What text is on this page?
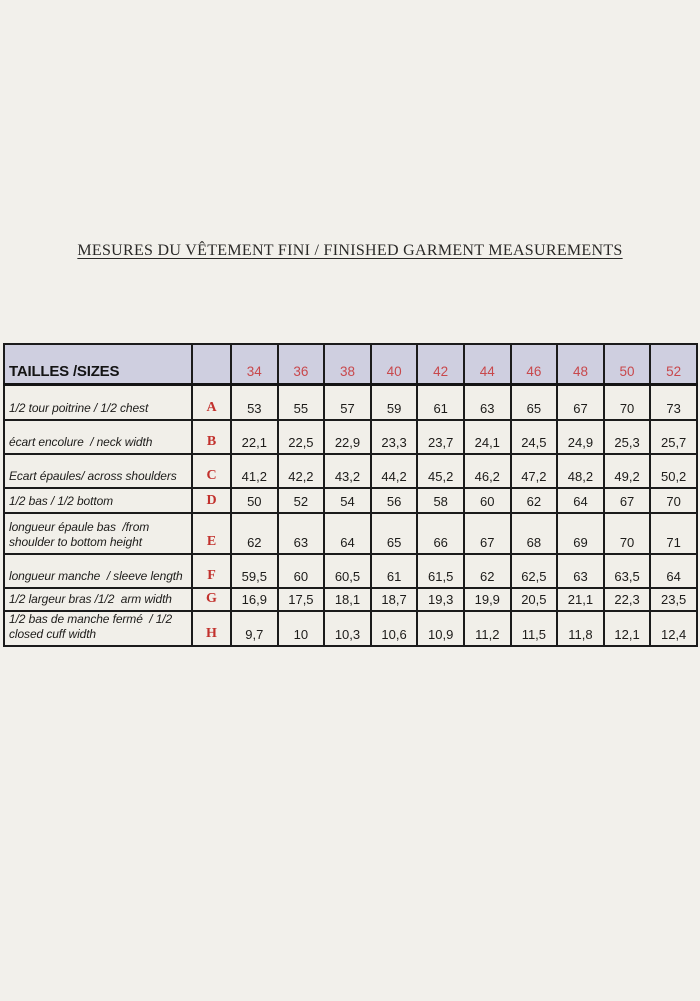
MESURES DU VÊTEMENT FINI / FINISHED GARMENT MEASUREMENTS
TAILLES /SIZES		34	36	38	40	42	44	46	48	50	52
1/2 tour poitrine / 1/2 chest	A	53	55	57	59	61	63	65	67	70	73
écart encolure  / neck width	B	22,1	22,5	22,9	23,3	23,7	24,1	24,5	24,9	25,3	25,7
Ecart épaules/ across shoulders	C	41,2	42,2	43,2	44,2	45,2	46,2	47,2	48,2	49,2	50,2
1/2 bas / 1/2 bottom	D	50	52	54	56	58	60	62	64	67	70
longueur épaule bas  /from shoulder to bottom height	E	62	63	64	65	66	67	68	69	70	71
longueur manche  / sleeve length	F	59,5	60	60,5	61	61,5	62	62,5	63	63,5	64
1/2 largeur bras /1/2  arm width	G	16,9	17,5	18,1	18,7	19,3	19,9	20,5	21,1	22,3	23,5
1/2 bas de manche fermé  / 1/2 closed cuff width	H	9,7	10	10,3	10,6	10,9	11,2	11,5	11,8	12,1	12,4
